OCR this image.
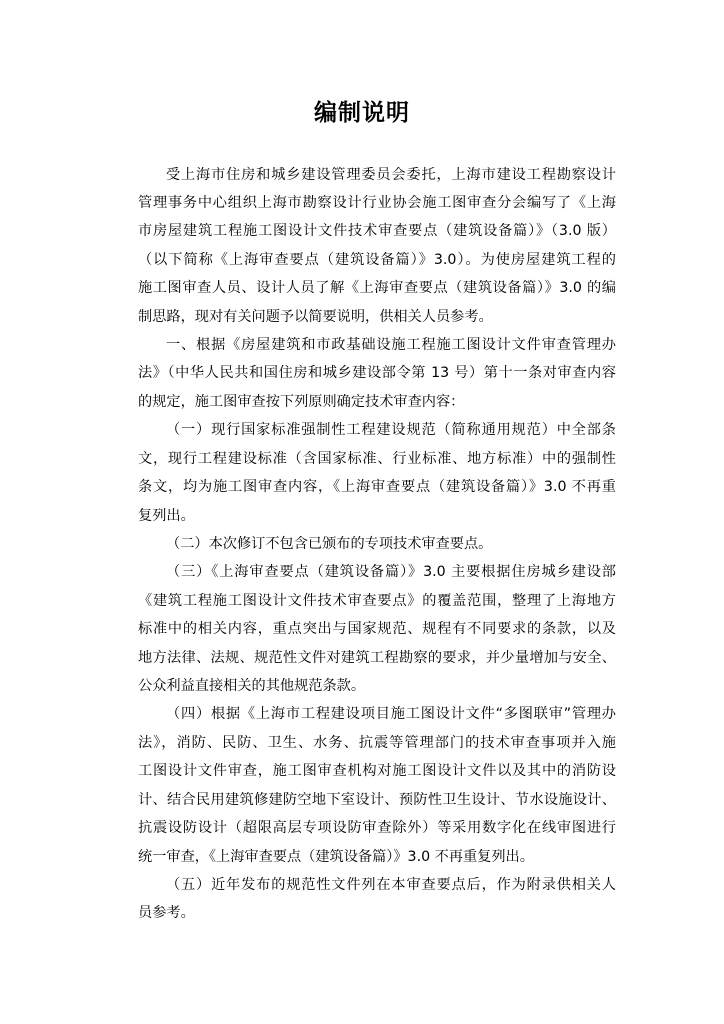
编制说明
受上海市住房和城乡建设管理委员会委托，上海市建设工程勘察设计
管理事务中心组织上海市勘察设计行业协会施工图审查分会编写了《上海
市房屋建筑工程施工图设计文件技术审查要点（建筑设备篇）》（3.0 版）
（以下简称《上海审查要点（建筑设备篇）》3.0）。为使房屋建筑工程的
施工图审查人员、设计人员了解《上海审查要点（建筑设备篇）》3.0 的编
制思路，现对有关问题予以简要说明，供相关人员参考。
一、根据《房屋建筑和市政基础设施工程施工图设计文件审查管理办
法》（中华人民共和国住房和城乡建设部令第 13 号）第十一条对审查内容
的规定，施工图审查按下列原则确定技术审查内容：
（一）现行国家标准强制性工程建设规范（简称通用规范）中全部条
文，现行工程建设标准（含国家标准、行业标准、地方标准）中的强制性
条文，均为施工图审查内容，《上海审查要点（建筑设备篇）》3.0 不再重
复列出。
（二）本次修订不包含已颁布的专项技术审查要点。
（三）《上海审查要点（建筑设备篇）》3.0 主要根据住房城乡建设部
《建筑工程施工图设计文件技术审查要点》的覆盖范围，整理了上海地方
标准中的相关内容，重点突出与国家规范、规程有不同要求的条款，以及
地方法律、法规、规范性文件对建筑工程勘察的要求，并少量增加与安全、
公众利益直接相关的其他规范条款。
（四）根据《上海市工程建设项目施工图设计文件“多图联审”管理办
法》，消防、民防、卫生、水务、抗震等管理部门的技术审查事项并入施
工图设计文件审查，施工图审查机构对施工图设计文件以及其中的消防设
计、结合民用建筑修建防空地下室设计、预防性卫生设计、节水设施设计、
抗震设防设计（超限高层专项设防审查除外）等采用数字化在线审图进行
统一审查，《上海审查要点（建筑设备篇）》3.0 不再重复列出。
（五）近年发布的规范性文件列在本审查要点后，作为附录供相关人
员参考。
